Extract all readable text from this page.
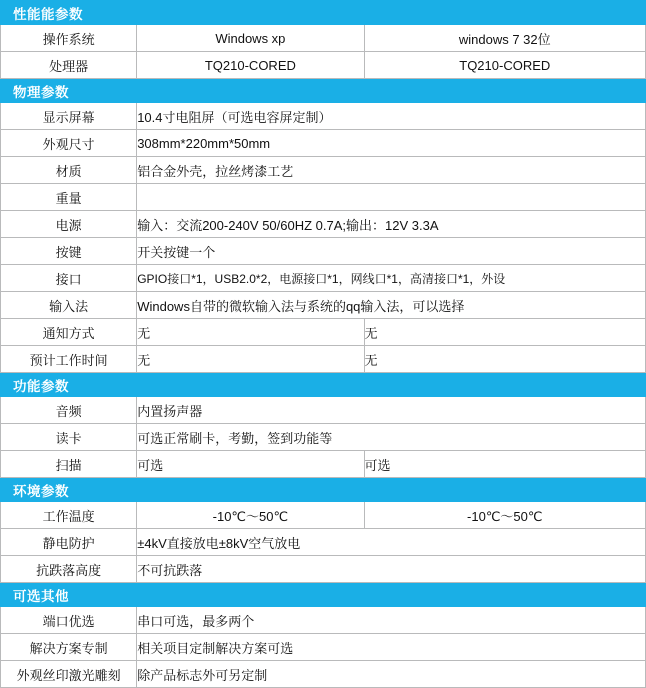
性能能参数		

操作系统	Windows xp	windows 7 32位
处理器	TQ210-CORED	TQ210-CORED

物理参数		

显示屏幕	10.4寸电阻屏（可选电容屏定制）	
外观尺寸	308mm*220mm*50mm	
材质	铝合金外壳，拉丝烤漆工艺	
重量		
电源	输入：交流200-240V 50/60HZ 0.7A;输出：12V 3.3A	
按键	开关按键一个	
接口	GPIO接口*1，USB2.0*2，电源接口*1，网线口*1，高清接口*1，外设	
输入法	Windows自带的微软输入法与系统的qq输入法，可以选择	
通知方式	无	无
预计工作时间	无	无

功能参数		

音频	内置扬声器	
读卡	可选正常刷卡，考勤，签到功能等	
扫描	可选	可选

环境参数		

工作温度	-10℃～50℃	-10℃～50℃
静电防护	±4kV直接放电±8kV空气放电	
抗跌落高度	不可抗跌落	

可选其他		

端口优选	串口可选，最多两个	
解决方案专制	相关项目定制解决方案可选	
外观丝印激光雕刻	除产品标志外可另定制	
